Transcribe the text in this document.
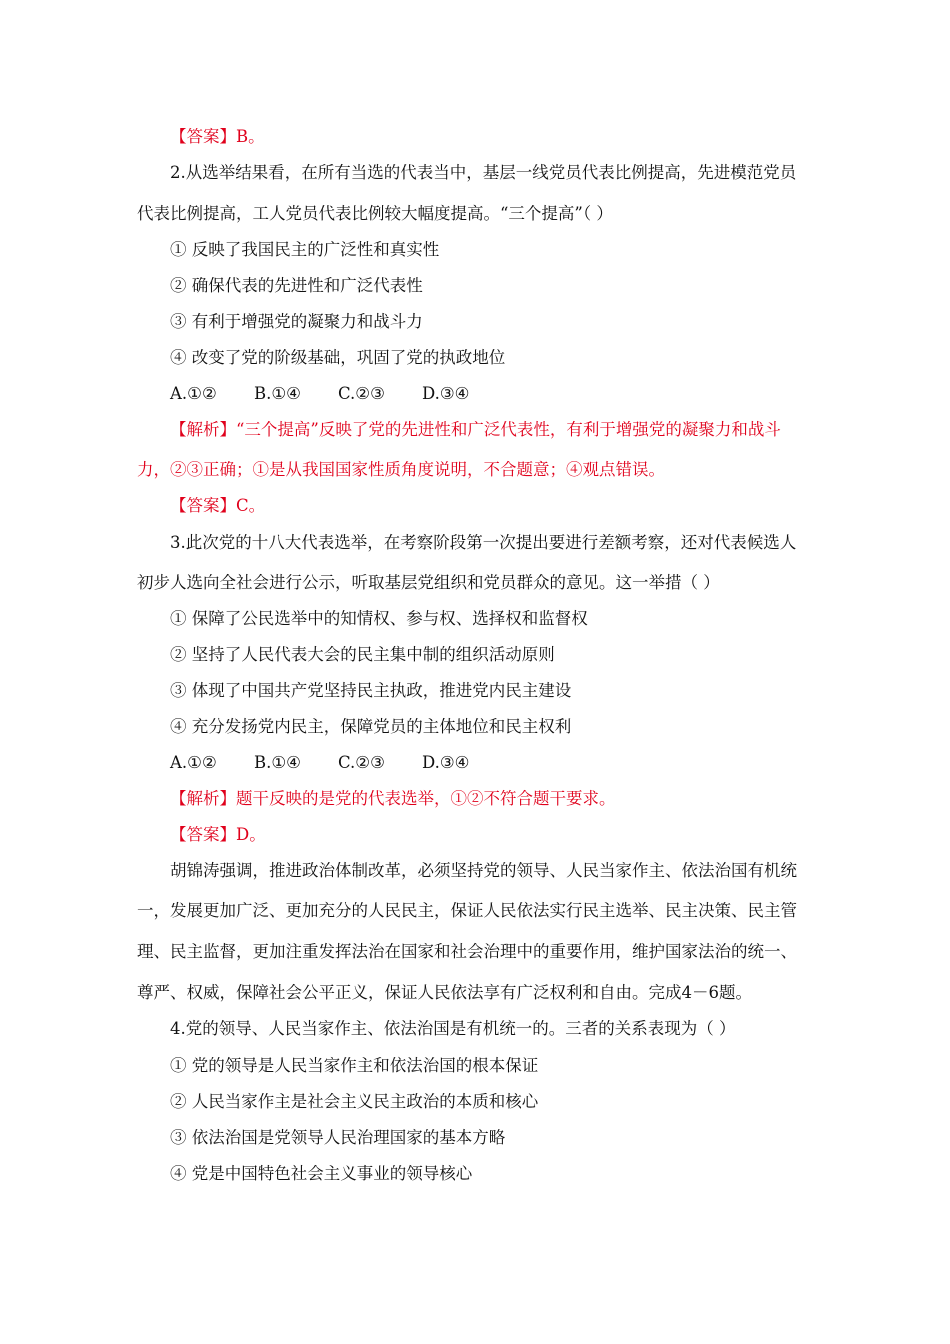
【答案】B。
2.从选举结果看，在所有当选的代表当中，基层一线党员代表比例提高，先进模范党员
代表比例提高，工人党员代表比例较大幅度提高。“三个提高”（ ）
① 反映了我国民主的广泛性和真实性
② 确保代表的先进性和广泛代表性
③ 有利于增强党的凝聚力和战斗力
④ 改变了党的阶级基础，巩固了党的执政地位
A.①② B.①④ C.②③ D.③④
【解析】“三个提高”反映了党的先进性和广泛代表性，有利于增强党的凝聚力和战斗
力，②③正确；①是从我国国家性质角度说明，不合题意；④观点错误。
【答案】C。
3.此次党的十八大代表选举，在考察阶段第一次提出要进行差额考察，还对代表候选人
初步人选向全社会进行公示，听取基层党组织和党员群众的意见。这一举措（ ）
① 保障了公民选举中的知情权、参与权、选择权和监督权
② 坚持了人民代表大会的民主集中制的组织活动原则
③ 体现了中国共产党坚持民主执政，推进党内民主建设
④ 充分发扬党内民主，保障党员的主体地位和民主权利
A.①② B.①④ C.②③ D.③④
【解析】题干反映的是党的代表选举，①②不符合题干要求。
【答案】D。
胡锦涛强调，推进政治体制改革，必须坚持党的领导、人民当家作主、依法治国有机统
一，发展更加广泛、更加充分的人民民主，保证人民依法实行民主选举、民主决策、民主管
理、民主监督，更加注重发挥法治在国家和社会治理中的重要作用，维护国家法治的统一、
尊严、权威，保障社会公平正义，保证人民依法享有广泛权利和自由。完成4－6题。
4.党的领导、人民当家作主、依法治国是有机统一的。三者的关系表现为（ ）
① 党的领导是人民当家作主和依法治国的根本保证
② 人民当家作主是社会主义民主政治的本质和核心
③ 依法治国是党领导人民治理国家的基本方略
④ 党是中国特色社会主义事业的领导核心
